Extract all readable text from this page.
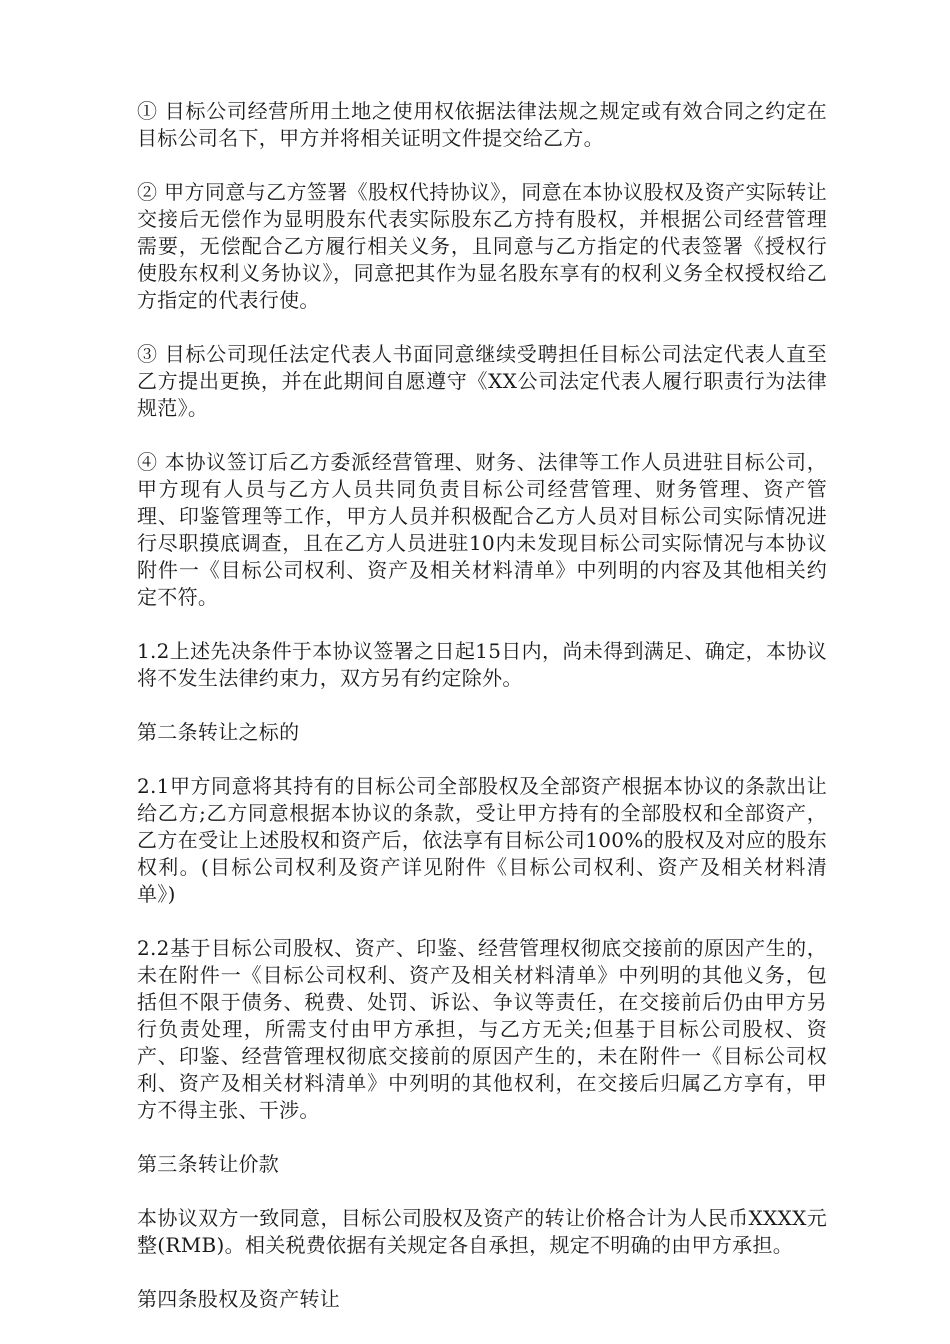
① 目标公司经营所用土地之使用权依据法律法规之规定或有效合同之约定在目标公司名下，甲方并将相关证明文件提交给乙方。

② 甲方同意与乙方签署《股权代持协议》，同意在本协议股权及资产实际转让交接后无偿作为显明股东代表实际股东乙方持有股权，并根据公司经营管理需要，无偿配合乙方履行相关义务，且同意与乙方指定的代表签署《授权行使股东权利义务协议》，同意把其作为显名股东享有的权利义务全权授权给乙方指定的代表行使。

③ 目标公司现任法定代表人书面同意继续受聘担任目标公司法定代表人直至乙方提出更换，并在此期间自愿遵守《XX公司法定代表人履行职责行为法律规范》。

④ 本协议签订后乙方委派经营管理、财务、法律等工作人员进驻目标公司，甲方现有人员与乙方人员共同负责目标公司经营管理、财务管理、资产管理、印鉴管理等工作，甲方人员并积极配合乙方人员对目标公司实际情况进行尽职摸底调查，且在乙方人员进驻10内未发现目标公司实际情况与本协议附件一《目标公司权利、资产及相关材料清单》中列明的内容及其他相关约定不符。

1.2上述先决条件于本协议签署之日起15日内，尚未得到满足、确定，本协议将不发生法律约束力，双方另有约定除外。

第二条转让之标的

2.1甲方同意将其持有的目标公司全部股权及全部资产根据本协议的条款出让给乙方;乙方同意根据本协议的条款，受让甲方持有的全部股权和全部资产，乙方在受让上述股权和资产后，依法享有目标公司100%的股权及对应的股东权利。(目标公司权利及资产详见附件《目标公司权利、资产及相关材料清单》)

2.2基于目标公司股权、资产、印鉴、经营管理权彻底交接前的原因产生的，未在附件一《目标公司权利、资产及相关材料清单》中列明的其他义务，包括但不限于债务、税费、处罚、诉讼、争议等责任，在交接前后仍由甲方另行负责处理，所需支付由甲方承担，与乙方无关;但基于目标公司股权、资产、印鉴、经营管理权彻底交接前的原因产生的，未在附件一《目标公司权利、资产及相关材料清单》中列明的其他权利，在交接后归属乙方享有，甲方不得主张、干涉。

第三条转让价款

本协议双方一致同意，目标公司股权及资产的转让价格合计为人民币XXXX元整(RMB)。相关税费依据有关规定各自承担，规定不明确的由甲方承担。

第四条股权及资产转让
